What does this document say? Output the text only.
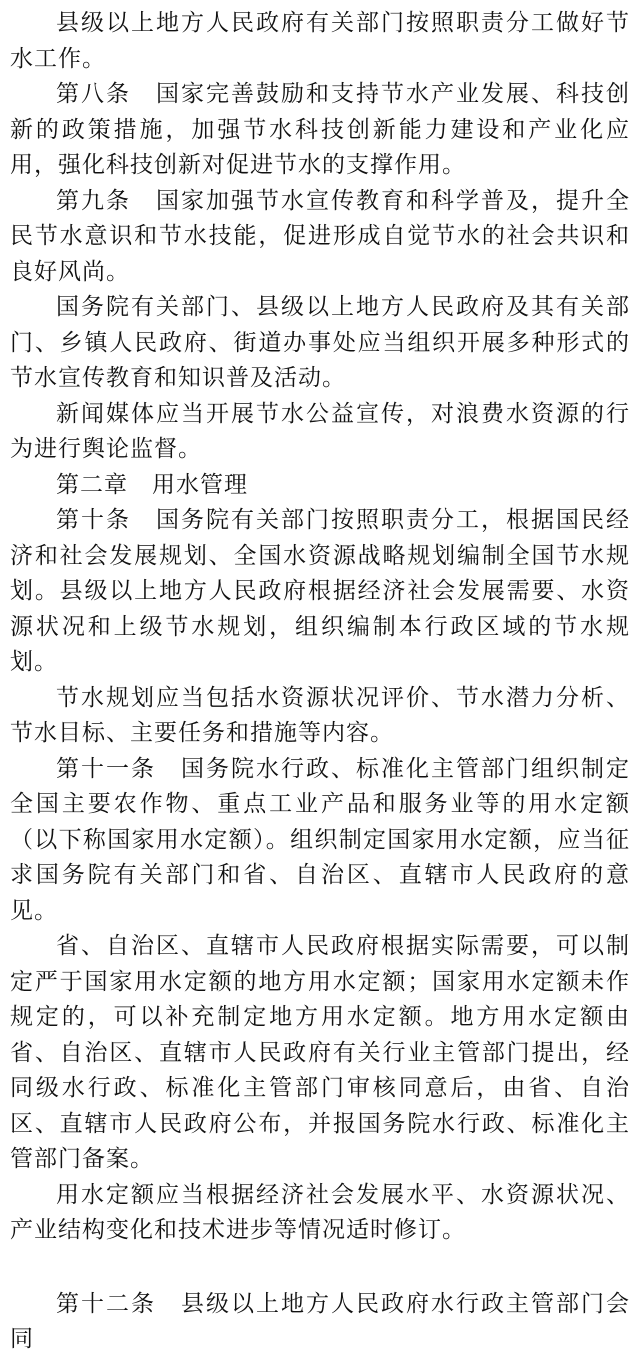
县级以上地方人民政府有关部门按照职责分工做好节水工作。

第八条　国家完善鼓励和支持节水产业发展、科技创新的政策措施，加强节水科技创新能力建设和产业化应用，强化科技创新对促进节水的支撑作用。

第九条　国家加强节水宣传教育和科学普及，提升全民节水意识和节水技能，促进形成自觉节水的社会共识和良好风尚。

国务院有关部门、县级以上地方人民政府及其有关部门、乡镇人民政府、街道办事处应当组织开展多种形式的节水宣传教育和知识普及活动。

新闻媒体应当开展节水公益宣传，对浪费水资源的行为进行舆论监督。

第二章　用水管理

第十条　国务院有关部门按照职责分工，根据国民经济和社会发展规划、全国水资源战略规划编制全国节水规划。县级以上地方人民政府根据经济社会发展需要、水资源状况和上级节水规划，组织编制本行政区域的节水规划。

节水规划应当包括水资源状况评价、节水潜力分析、节水目标、主要任务和措施等内容。

第十一条　国务院水行政、标准化主管部门组织制定全国主要农作物、重点工业产品和服务业等的用水定额（以下称国家用水定额）。组织制定国家用水定额，应当征求国务院有关部门和省、自治区、直辖市人民政府的意见。

省、自治区、直辖市人民政府根据实际需要，可以制定严于国家用水定额的地方用水定额；国家用水定额未作规定的，可以补充制定地方用水定额。地方用水定额由省、自治区、直辖市人民政府有关行业主管部门提出，经同级水行政、标准化主管部门审核同意后，由省、自治区、直辖市人民政府公布，并报国务院水行政、标准化主管部门备案。

用水定额应当根据经济社会发展水平、水资源状况、产业结构变化和技术进步等情况适时修订。

第十二条　县级以上地方人民政府水行政主管部门会同
